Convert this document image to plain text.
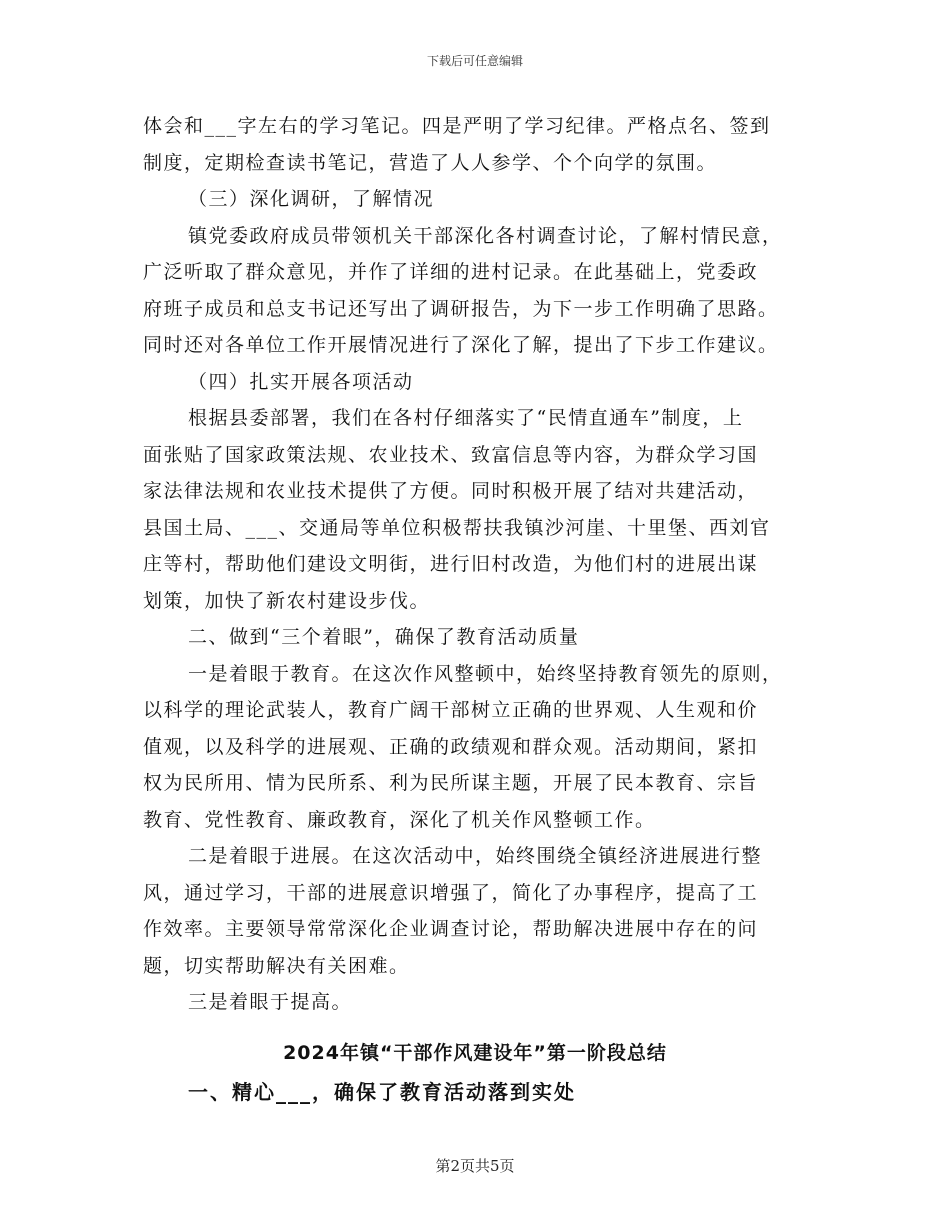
下载后可任意编辑
体会和___字左右的学习笔记。四是严明了学习纪律。严格点名、签到
制度，定期检查读书笔记，营造了人人参学、个个向学的氛围。
（三）深化调研，了解情况
镇党委政府成员带领机关干部深化各村调查讨论，了解村情民意，
广泛听取了群众意见，并作了详细的进村记录。在此基础上，党委政
府班子成员和总支书记还写出了调研报告，为下一步工作明确了思路。
同时还对各单位工作开展情况进行了深化了解，提出了下步工作建议。
（四）扎实开展各项活动
根据县委部署，我们在各村仔细落实了“民情直通车”制度，上
面张贴了国家政策法规、农业技术、致富信息等内容，为群众学习国
家法律法规和农业技术提供了方便。同时积极开展了结对共建活动，
县国土局、___、交通局等单位积极帮扶我镇沙河崖、十里堡、西刘官
庄等村，帮助他们建设文明街，进行旧村改造，为他们村的进展出谋
划策，加快了新农村建设步伐。
二、做到“三个着眼”，确保了教育活动质量
一是着眼于教育。在这次作风整顿中，始终坚持教育领先的原则，
以科学的理论武装人，教育广阔干部树立正确的世界观、人生观和价
值观，以及科学的进展观、正确的政绩观和群众观。活动期间，紧扣
权为民所用、情为民所系、利为民所谋主题，开展了民本教育、宗旨
教育、党性教育、廉政教育，深化了机关作风整顿工作。
二是着眼于进展。在这次活动中，始终围绕全镇经济进展进行整
风，通过学习，干部的进展意识增强了，简化了办事程序，提高了工
作效率。主要领导常常深化企业调查讨论，帮助解决进展中存在的问
题，切实帮助解决有关困难。
三是着眼于提高。
2024年镇“干部作风建设年”第一阶段总结
一、精心___，确保了教育活动落到实处
第2页共5页
